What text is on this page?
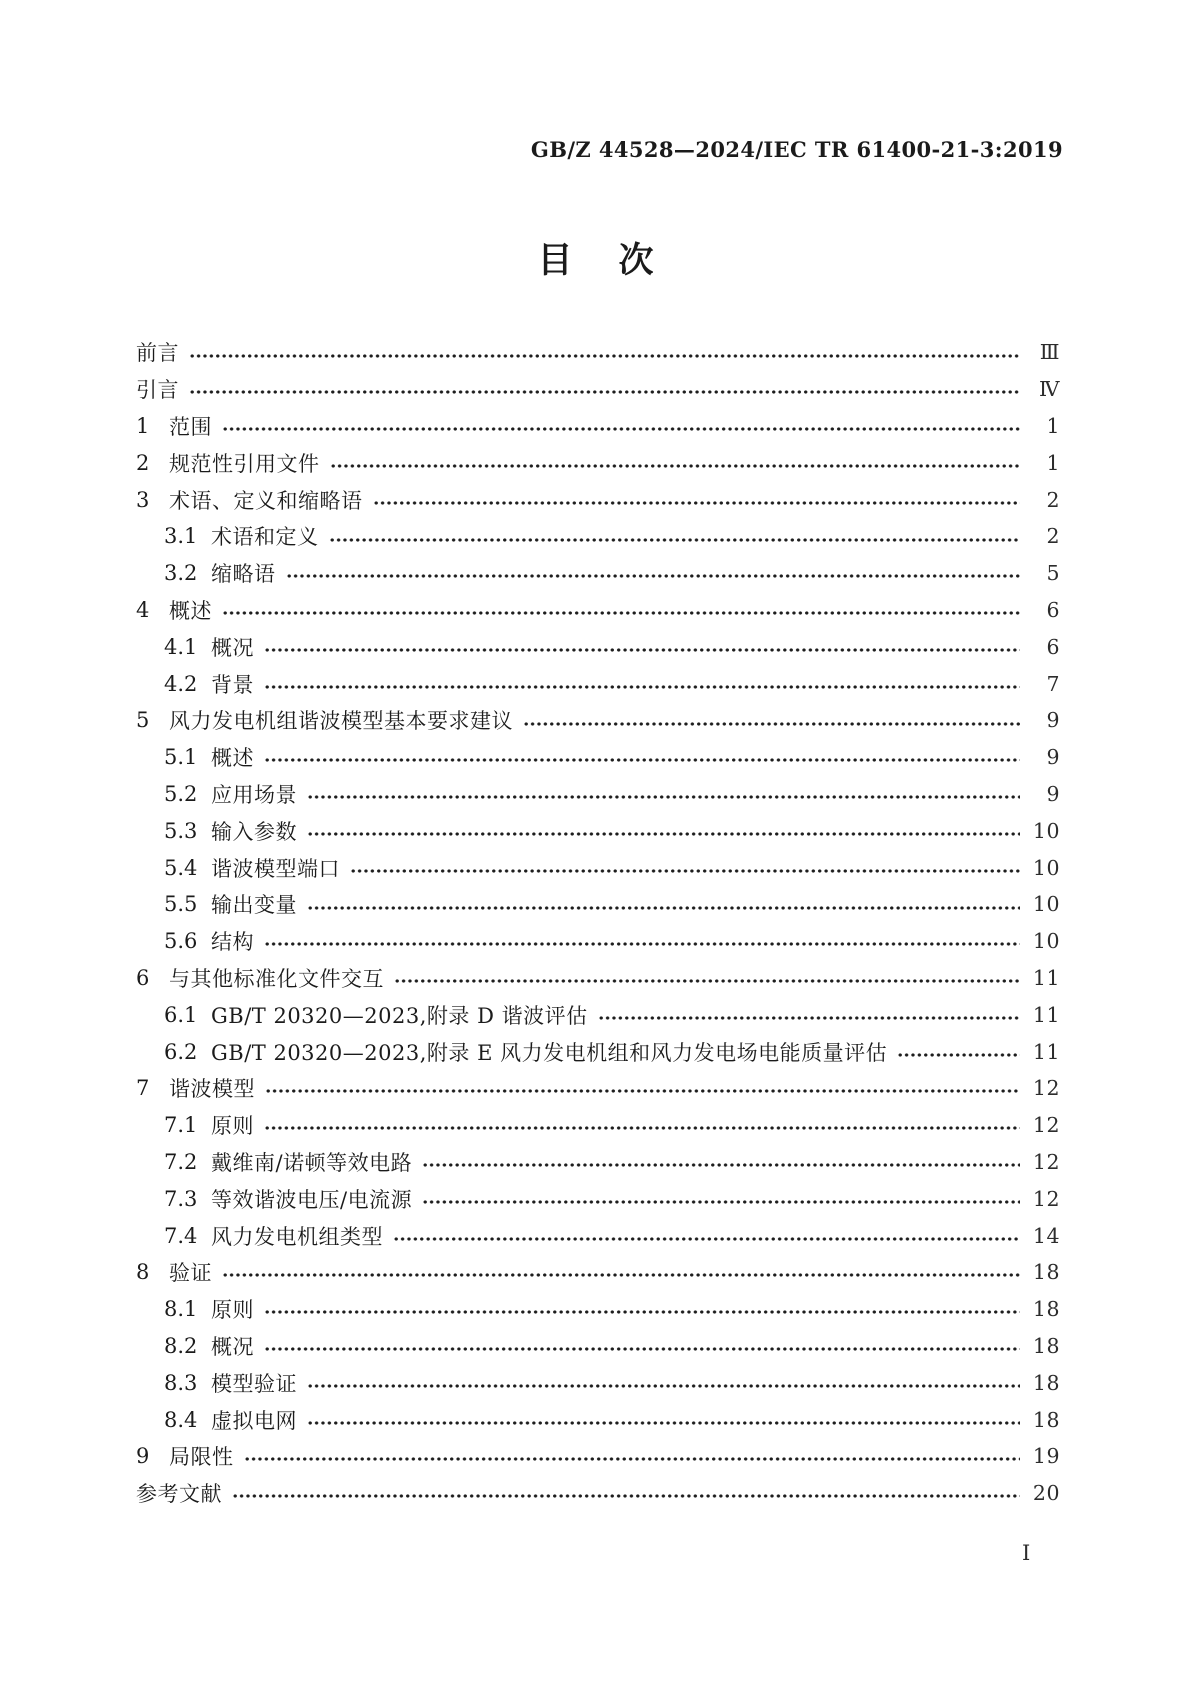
GB/Z 44528—2024/IEC TR 61400-21-3:2019
目 次
前言	Ⅲ
引言	Ⅳ
1 范围	1
2 规范性引用文件	1
3 术语、定义和缩略语	2
3.1 术语和定义	2
3.2 缩略语	5
4 概述	6
4.1 概况	6
4.2 背景	7
5 风力发电机组谐波模型基本要求建议	9
5.1 概述	9
5.2 应用场景	9
5.3 输入参数	10
5.4 谐波模型端口	10
5.5 输出变量	10
5.6 结构	10
6 与其他标准化文件交互	11
6.1 GB/T 20320—2023,附录 D 谐波评估	11
6.2 GB/T 20320—2023,附录 E 风力发电机组和风力发电场电能质量评估	11
7 谐波模型	12
7.1 原则	12
7.2 戴维南/诺顿等效电路	12
7.3 等效谐波电压/电流源	12
7.4 风力发电机组类型	14
8 验证	18
8.1 原则	18
8.2 概况	18
8.3 模型验证	18
8.4 虚拟电网	18
9 局限性	19
参考文献	20
Ⅰ
